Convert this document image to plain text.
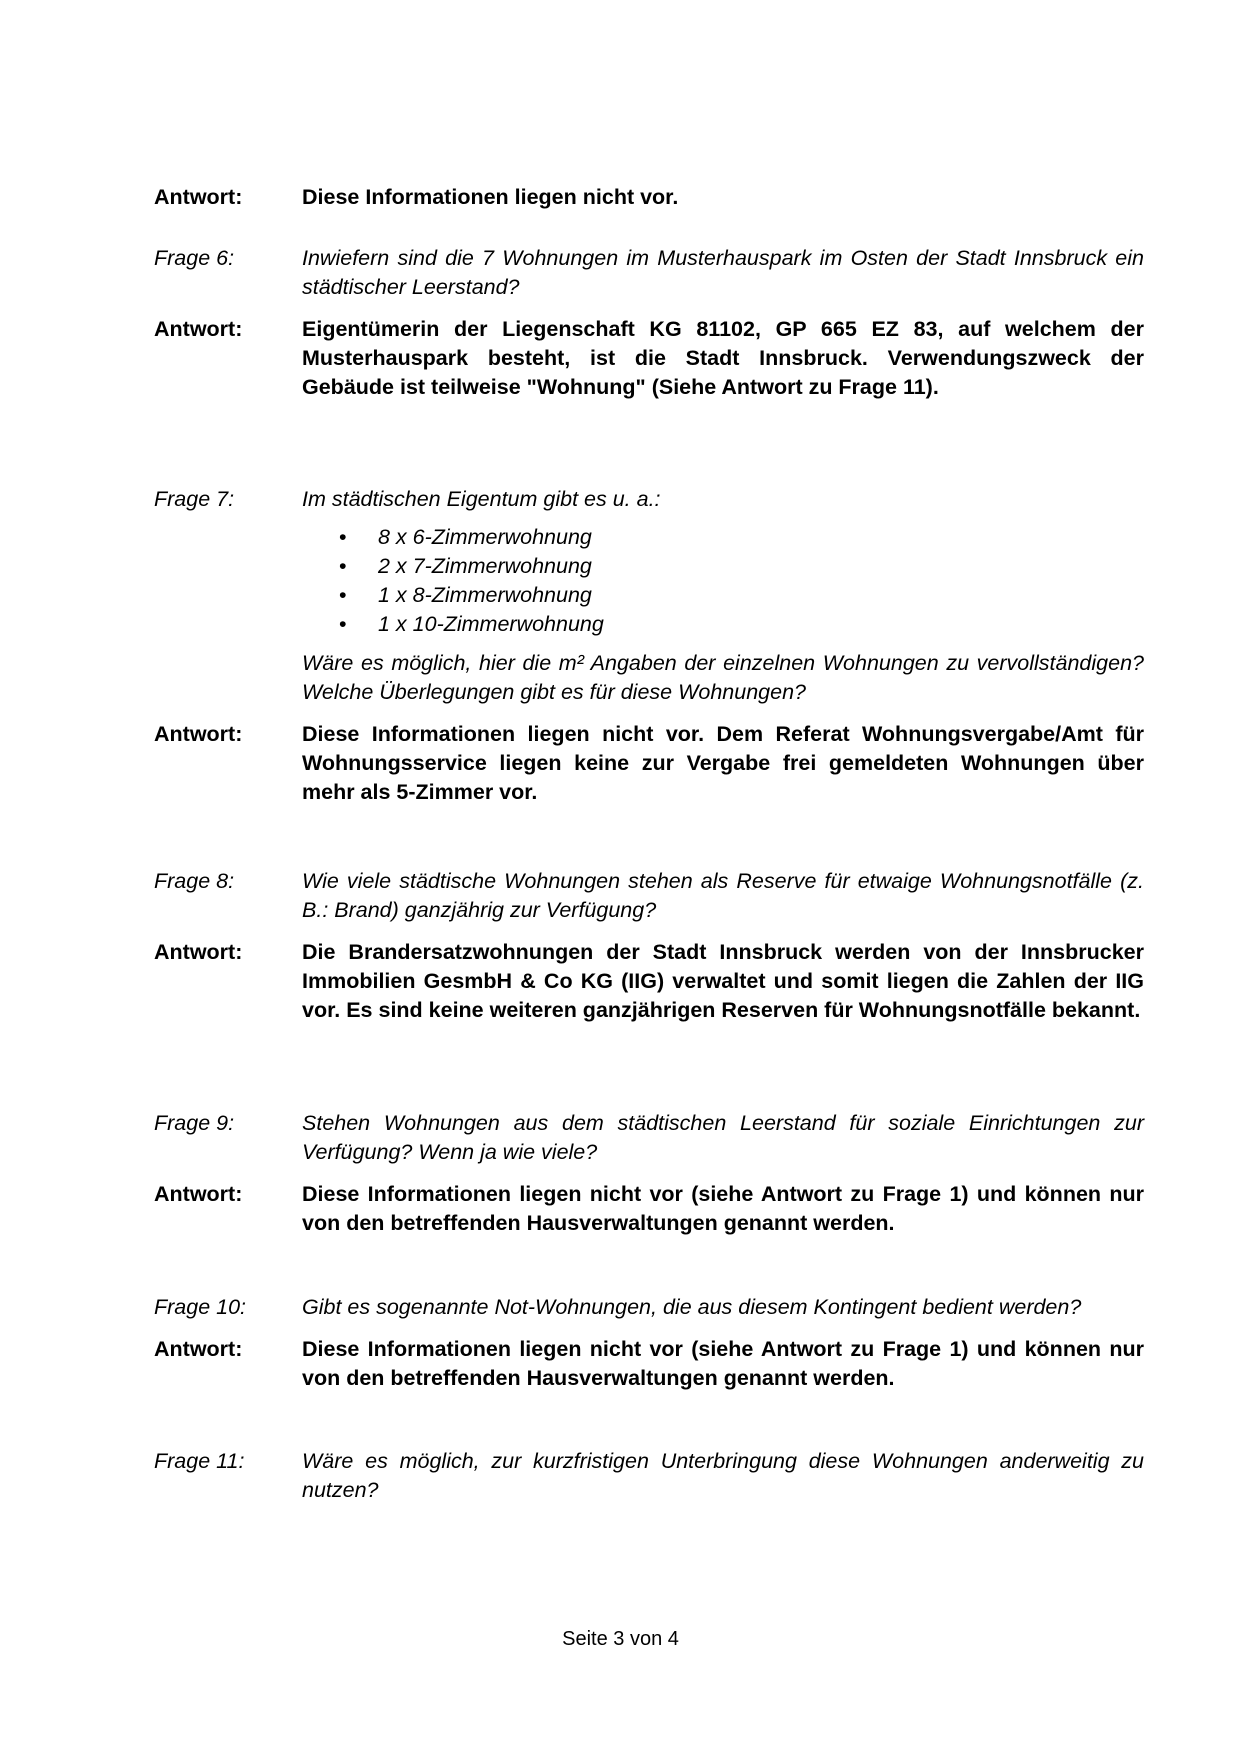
Antwort:	Diese Informationen liegen nicht vor.
Frage 6:	Inwiefern sind die 7 Wohnungen im Musterhauspark im Osten der Stadt Innsbruck ein städtischer Leerstand?
Antwort:	Eigentümerin der Liegenschaft KG 81102, GP 665 EZ 83, auf welchem der Musterhauspark besteht, ist die Stadt Innsbruck. Verwendungszweck der Gebäude ist teilweise "Wohnung" (Siehe Antwort zu Frage 11).
Frage 7:	Im städtischen Eigentum gibt es u. a.:
• 8 x 6-Zimmerwohnung
• 2 x 7-Zimmerwohnung
• 1 x 8-Zimmerwohnung
• 1 x 10-Zimmerwohnung
Wäre es möglich, hier die m² Angaben der einzelnen Wohnungen zu vervollständigen? Welche Überlegungen gibt es für diese Wohnungen?
Antwort:	Diese Informationen liegen nicht vor. Dem Referat Wohnungsvergabe/Amt für Wohnungsservice liegen keine zur Vergabe frei gemeldeten Wohnungen über mehr als 5-Zimmer vor.
Frage 8:	Wie viele städtische Wohnungen stehen als Reserve für etwaige Wohnungsnotfälle (z. B.: Brand) ganzjährig zur Verfügung?
Antwort:	Die Brandersatzwohnungen der Stadt Innsbruck werden von der Innsbrucker Immobilien GesmbH & Co KG (IIG) verwaltet und somit liegen die Zahlen der IIG vor. Es sind keine weiteren ganzjährigen Reserven für Wohnungsnotfälle bekannt.
Frage 9:	Stehen Wohnungen aus dem städtischen Leerstand für soziale Einrichtungen zur Verfügung? Wenn ja wie viele?
Antwort:	Diese Informationen liegen nicht vor (siehe Antwort zu Frage 1) und können nur von den betreffenden Hausverwaltungen genannt werden.
Frage 10:	Gibt es sogenannte Not-Wohnungen, die aus diesem Kontingent bedient werden?
Antwort:	Diese Informationen liegen nicht vor (siehe Antwort zu Frage 1) und können nur von den betreffenden Hausverwaltungen genannt werden.
Frage 11:	Wäre es möglich, zur kurzfristigen Unterbringung diese Wohnungen anderweitig zu nutzen?
Seite 3 von 4
